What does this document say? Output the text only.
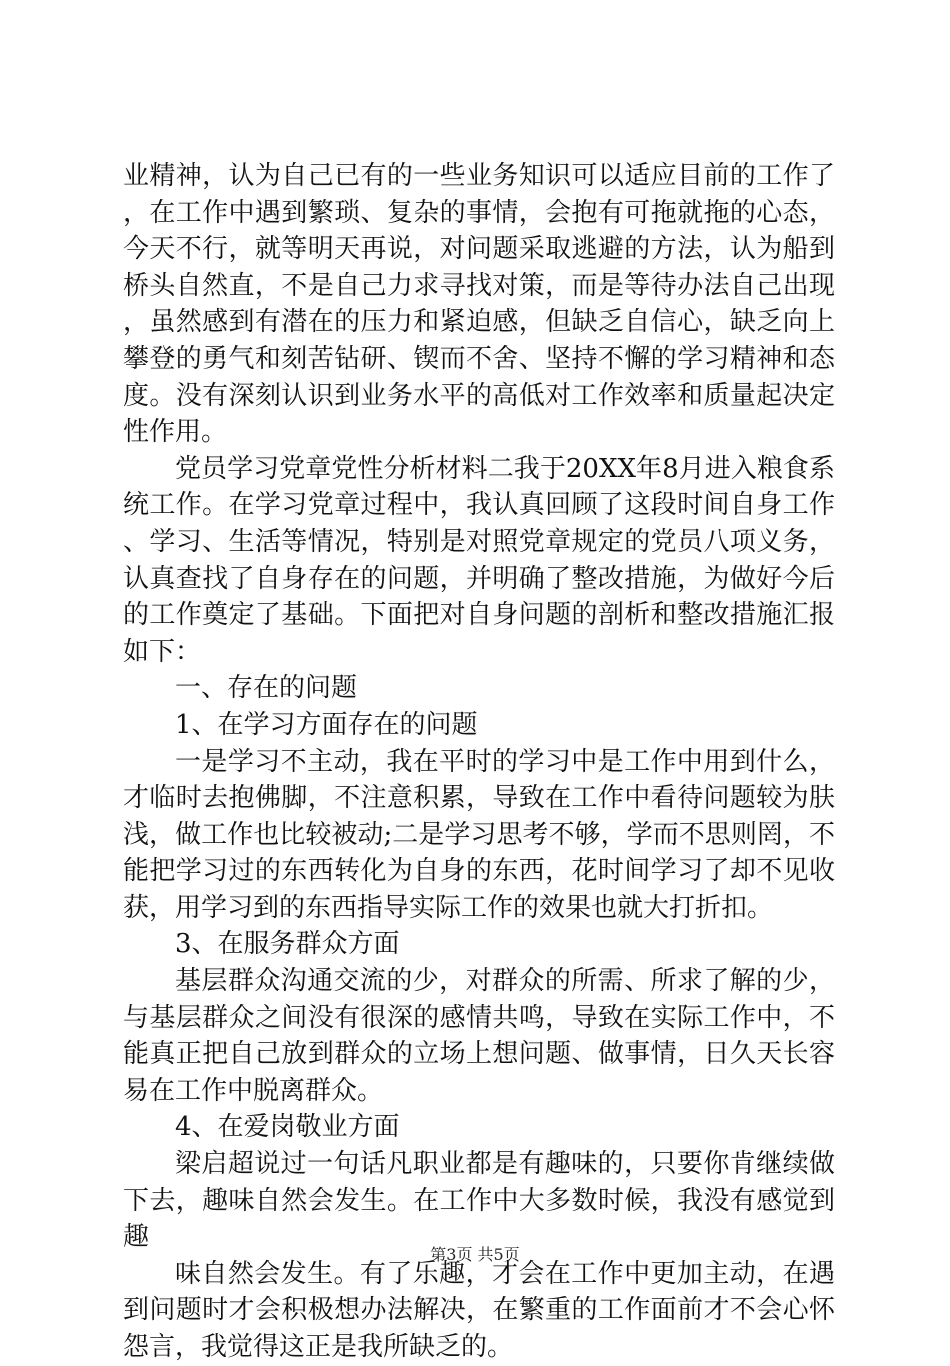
业精神，认为自己已有的一些业务知识可以适应目前的工作了，在工作中遇到繁琐、复杂的事情，会抱有可拖就拖的心态，今天不行，就等明天再说，对问题采取逃避的方法，认为船到桥头自然直，不是自己力求寻找对策，而是等待办法自己出现，虽然感到有潜在的压力和紧迫感，但缺乏自信心，缺乏向上攀登的勇气和刻苦钻研、锲而不舍、坚持不懈的学习精神和态度。没有深刻认识到业务水平的高低对工作效率和质量起决定性作用。

党员学习党章党性分析材料二我于20XX年8月进入粮食系统工作。在学习党章过程中，我认真回顾了这段时间自身工作、学习、生活等情况，特别是对照党章规定的党员八项义务，认真查找了自身存在的问题，并明确了整改措施，为做好今后的工作奠定了基础。下面把对自身问题的剖析和整改措施汇报如下：

一、存在的问题

1、在学习方面存在的问题

一是学习不主动，我在平时的学习中是工作中用到什么，才临时去抱佛脚，不注意积累，导致在工作中看待问题较为肤浅，做工作也比较被动;二是学习思考不够，学而不思则罔，不能把学习过的东西转化为自身的东西，花时间学习了却不见收获，用学习到的东西指导实际工作的效果也就大打折扣。

3、在服务群众方面

基层群众沟通交流的少，对群众的所需、所求了解的少，与基层群众之间没有很深的感情共鸣，导致在实际工作中，不能真正把自己放到群众的立场上想问题、做事情，日久天长容易在工作中脱离群众。

4、在爱岗敬业方面

梁启超说过一句话凡职业都是有趣味的，只要你肯继续做下去，趣味自然会发生。在工作中大多数时候，我没有感觉到趣

味自然会发生。有了乐趣，才会在工作中更加主动，在遇到问题时才会积极想办法解决，在繁重的工作面前才不会心怀怨言，我觉得这正是我所缺乏的。

第3页 共5页
